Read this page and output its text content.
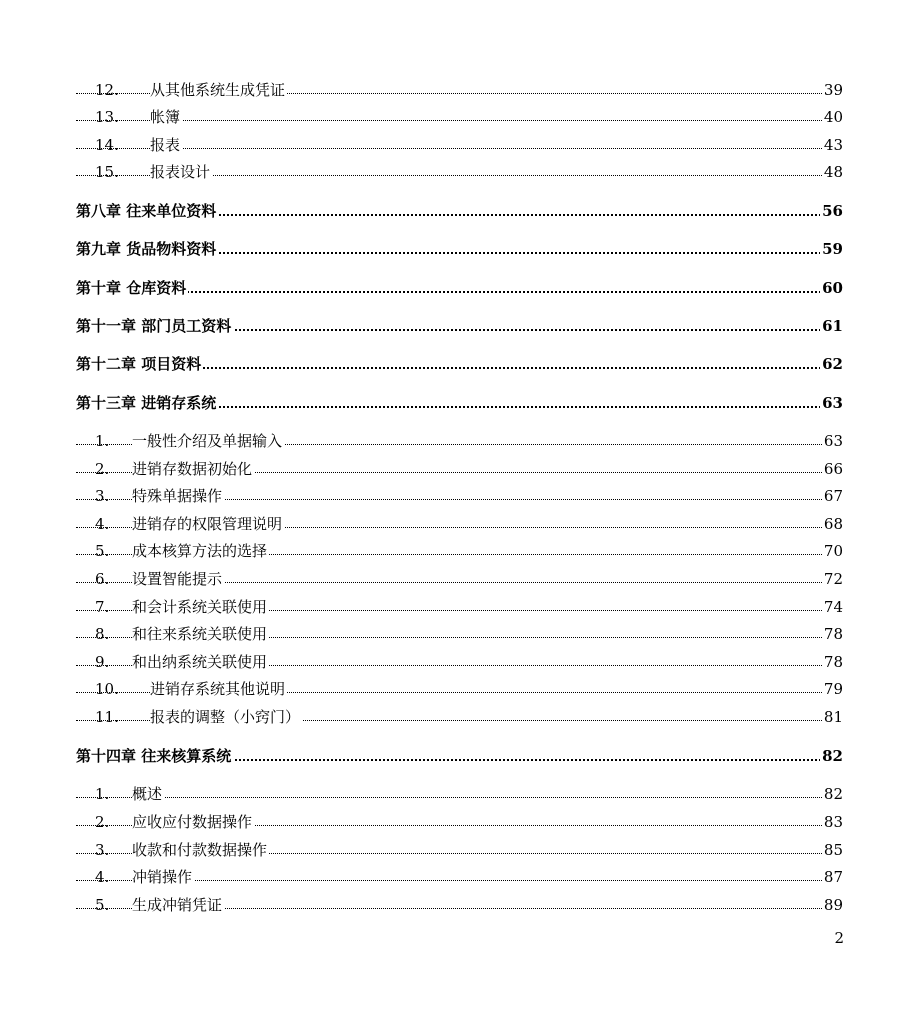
12. 从其他系统生成凭证	39
13. 帐簿	40
14. 报表	43
15. 报表设计	48
第八章 往来单位资料	56
第九章 货品物料资料	59
第十章 仓库资料	60
第十一章 部门员工资料	61
第十二章 项目资料	62
第十三章 进销存系统	63
1. 一般性介绍及单据输入	63
2. 进销存数据初始化	66
3. 特殊单据操作	67
4. 进销存的权限管理说明	68
5. 成本核算方法的选择	70
6. 设置智能提示	72
7. 和会计系统关联使用	74
8. 和往来系统关联使用	78
9. 和出纳系统关联使用	78
10. 进销存系统其他说明	79
11. 报表的调整（小窍门）	81
第十四章 往来核算系统	82
1. 概述	82
2. 应收应付数据操作	83
3. 收款和付款数据操作	85
4. 冲销操作	87
5. 生成冲销凭证	89
2
